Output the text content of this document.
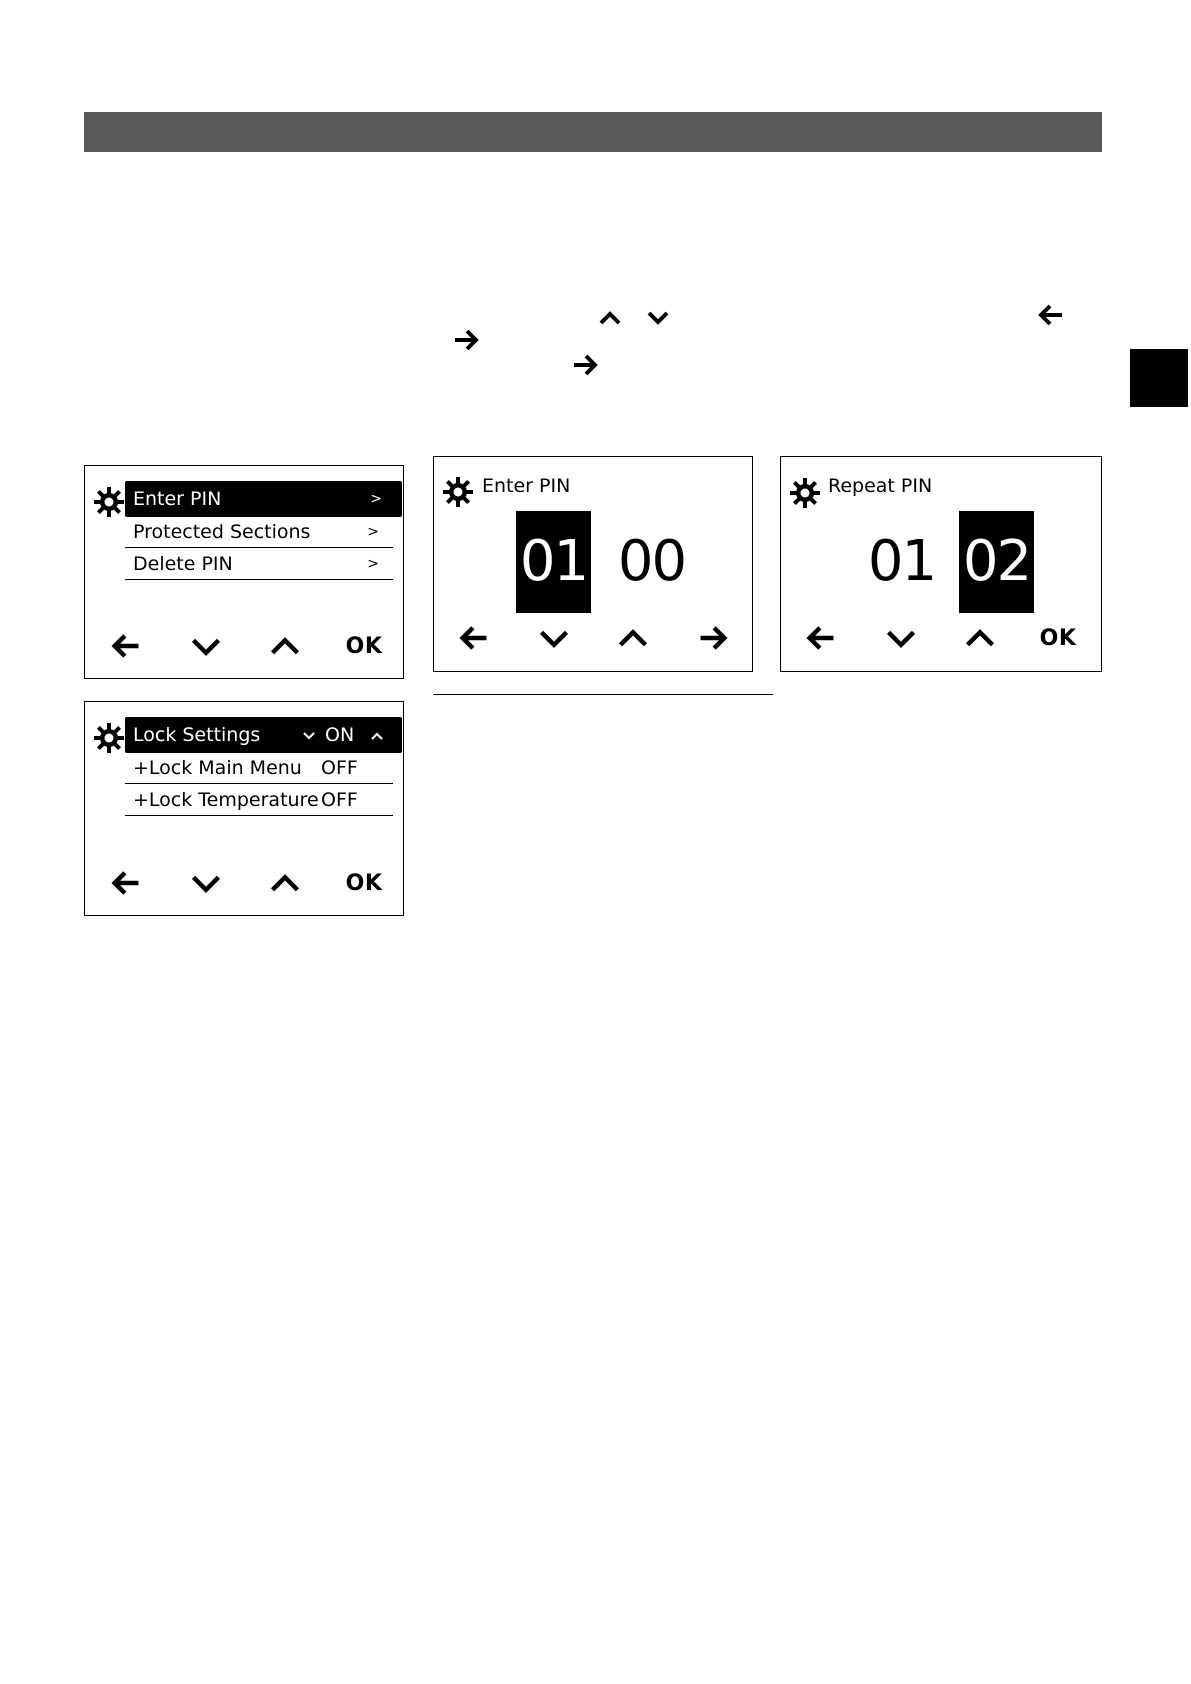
Enter PIN	>
Protected Sections	>
Delete PIN	>
OK
Enter PIN
01 00
Repeat PIN
01 02
OK
Lock Settings	ON
+Lock Main Menu OFF
+Lock Temperature OFF
OK
